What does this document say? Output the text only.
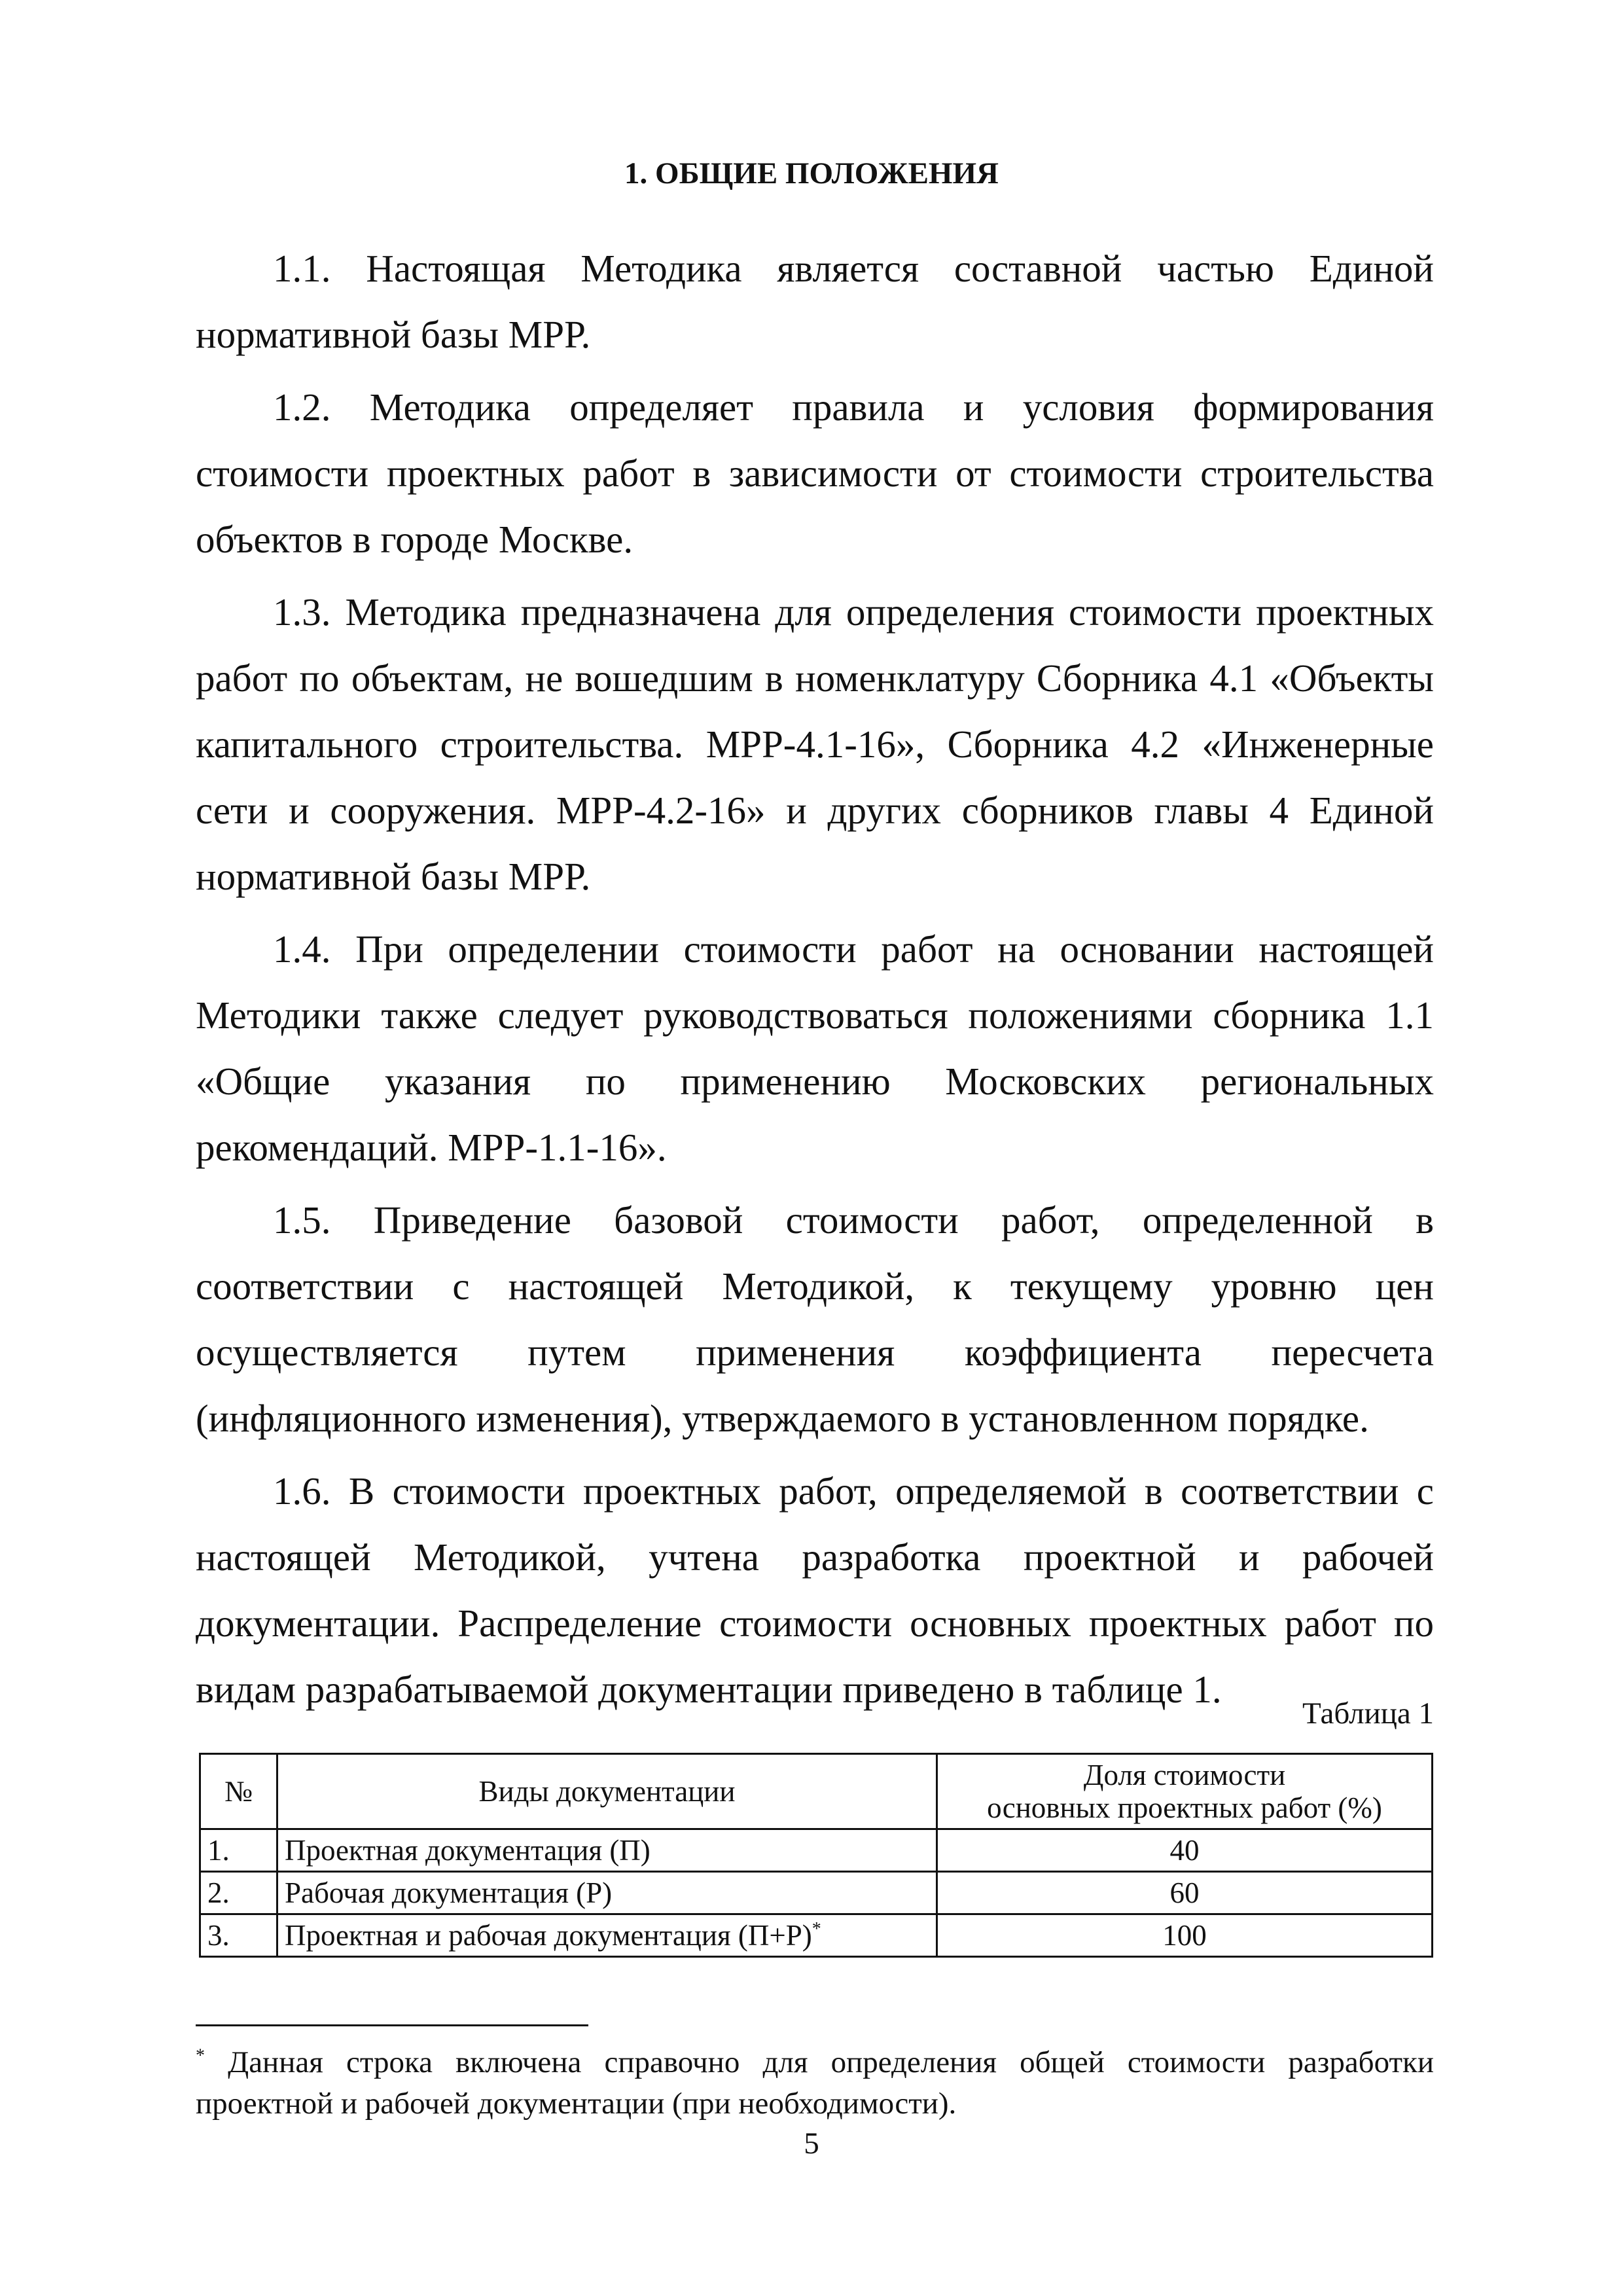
1. ОБЩИЕ ПОЛОЖЕНИЯ

1.1. Настоящая Методика является составной частью Единой нормативной базы МРР.

1.2. Методика определяет правила и условия формирования стоимости проектных работ в зависимости от стоимости строительства объектов в городе Москве.

1.3. Методика предназначена для определения стоимости проектных работ по объектам, не вошедшим в номенклатуру Сборника 4.1 «Объекты капитального строительства. МРР-4.1-16», Сборника 4.2 «Инженерные сети и сооружения. МРР-4.2-16» и других сборников главы 4 Единой нормативной базы МРР.

1.4. При определении стоимости работ на основании настоящей Методики также следует руководствоваться положениями сборника 1.1 «Общие указания по применению Московских региональных рекомендаций. МРР-1.1-16».

1.5. Приведение базовой стоимости работ, определенной в соответствии с настоящей Методикой, к текущему уровню цен осуществляется путем применения коэффициента пересчета (инфляционного изменения), утверждаемого в установленном порядке.

1.6. В стоимости проектных работ, определяемой в соответствии с настоящей Методикой, учтена разработка проектной и рабочей документации. Распределение стоимости основных проектных работ по видам разрабатываемой документации приведено в таблице 1.

Таблица 1
№	Виды документации	Доля стоимости
основных проектных работ (%)

1.	Проектная документация (П)	40
2.	Рабочая документация (Р)	60
3.	Проектная и рабочая документация (П+Р)*	100
* Данная строка включена справочно для определения общей стоимости разработки проектной и рабочей документации (при необходимости).
5
